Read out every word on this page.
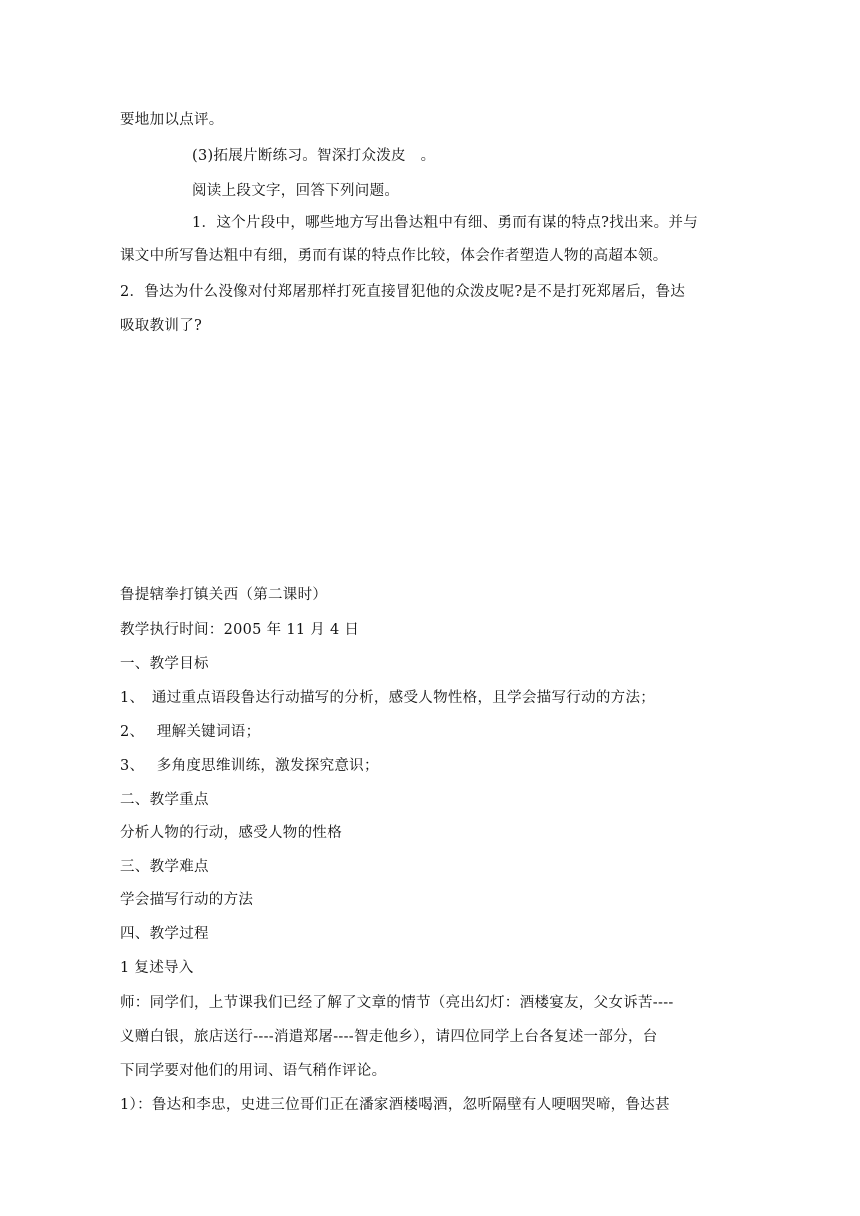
要地加以点评。
(3)拓展片断练习。智深打众泼皮　。
阅读上段文字，回答下列问题。
1．这个片段中，哪些地方写出鲁达粗中有细、勇而有谋的特点?找出来。并与
课文中所写鲁达粗中有细，勇而有谋的特点作比较，体会作者塑造人物的高超本领。
2．鲁达为什么没像对付郑屠那样打死直接冒犯他的众泼皮呢?是不是打死郑屠后，鲁达
吸取教训了?
鲁提辖拳打镇关西（第二课时）
教学执行时间：2005 年 11 月 4 日
一、教学目标
1、　通过重点语段鲁达行动描写的分析，感受人物性格，且学会描写行动的方法；
2、　 理解关键词语；
3、　 多角度思维训练，激发探究意识；
二、教学重点
分析人物的行动，感受人物的性格
三、教学难点
学会描写行动的方法
四、教学过程
1 复述导入
师：同学们，上节课我们已经了解了文章的情节（亮出幻灯：酒楼宴友，父女诉苦----
义赠白银，旅店送行----消遣郑屠----智走他乡），请四位同学上台各复述一部分，台
下同学要对他们的用词、语气稍作评论。
1）：鲁达和李忠，史进三位哥们正在潘家酒楼喝酒，忽听隔壁有人哽咽哭啼，鲁达甚
